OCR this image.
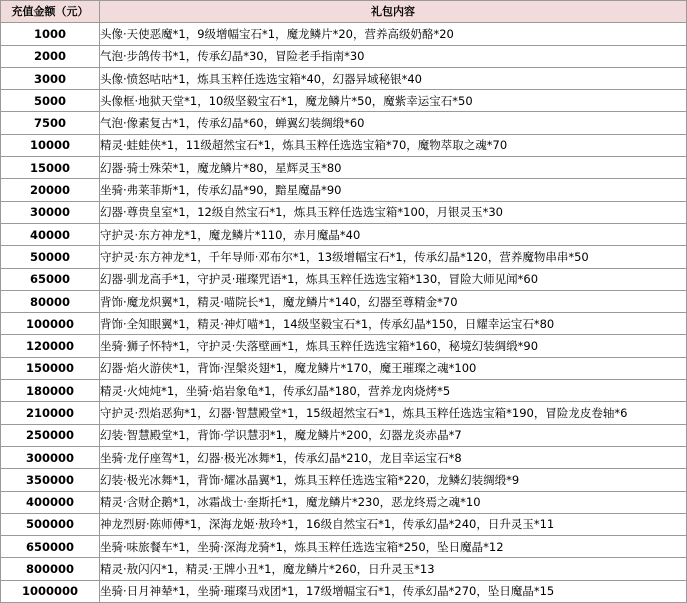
充值金额（元）	礼包内容
1000	头像·天使恶魔*1，9级增幅宝石*1，魔龙鳞片*20，营养高级奶酪*20
2000	气泡·步鸽传书*1，传承幻晶*30，冒险老手指南*30
3000	头像·愤怒咕咕*1，炼具玉粹任选选宝箱*40，幻器异域秘银*40
5000	头像框·地狱天堂*1，10级坚毅宝石*1，魔龙鳞片*50，魔紫幸运宝石*50
7500	气泡·像素复古*1，传承幻晶*60，蝉翼幻装绸缎*60
10000	精灵·蛙蛙侠*1，11级超然宝石*1，炼具玉粹任选选宝箱*70，魔物萃取之魂*70
15000	幻器·骑士殊荣*1，魔龙鳞片*80，星辉灵玉*80
20000	坐骑·弗莱菲斯*1，传承幻晶*90，黯星魔晶*90
30000	幻器·尊贵皇室*1，12级自然宝石*1，炼具玉粹任选选宝箱*100，月银灵玉*30
40000	守护灵·东方神龙*1，魔龙鳞片*110，赤月魔晶*40
50000	守护灵·东方神龙*1，千年导师·邓布尔*1，13级增幅宝石*1，传承幻晶*120，营养魔物串串*50
65000	幻器·驯龙高手*1，守护灵·璀璨咒语*1，炼具玉粹任选选宝箱*130，冒险大师见闻*60
80000	背饰·魔龙炽翼*1，精灵·喵院长*1，魔龙鳞片*140，幻器至尊精金*70
100000	背饰·全知眼翼*1，精灵·神灯喵*1，14级坚毅宝石*1，传承幻晶*150，日耀幸运宝石*80
120000	坐骑·狮子怀特*1，守护灵·失落壁画*1，炼具玉粹任选选宝箱*160，秘境幻装绸缎*90
150000	幻器·焰火游侠*1，背饰·涅槃炎翅*1，魔龙鳞片*170，魔王璀璨之魂*100
180000	精灵·火炖炖*1，坐骑·焰岩象龟*1，传承幻晶*180，营养龙肉烧烤*5
210000	守护灵·烈焰恶狗*1，幻器·智慧殿堂*1，15级超然宝石*1，炼具玉粹任选选宝箱*190，冒险龙皮卷轴*6
250000	幻装·智慧殿堂*1，背饰·学识慧羽*1，魔龙鳞片*200，幻器龙炎赤晶*7
300000	坐骑·龙仔座驾*1，幻器·极光冰舞*1，传承幻晶*210，龙目幸运宝石*8
350000	幻装·极光冰舞*1，背饰·耀冰晶翼*1，炼具玉粹任选选宝箱*220，龙鳞幻装绸缎*9
400000	精灵·含财企鹅*1，冰霜战士·奎斯托*1，魔龙鳞片*230，恶龙终焉之魂*10
500000	神龙烈厨·陈师傅*1，深海龙姬·敖玲*1，16级自然宝石*1，传承幻晶*240，日升灵玉*11
650000	坐骑·味旅餐车*1，坐骑·深海龙骑*1，炼具玉粹任选选宝箱*250，坠日魔晶*12
800000	精灵·敖闪闪*1，精灵·王牌小丑*1，魔龙鳞片*260，日升灵玉*13
1000000	坐骑·日月神辇*1，坐骑·璀璨马戏团*1，17级增幅宝石*1，传承幻晶*270，坠日魔晶*15
